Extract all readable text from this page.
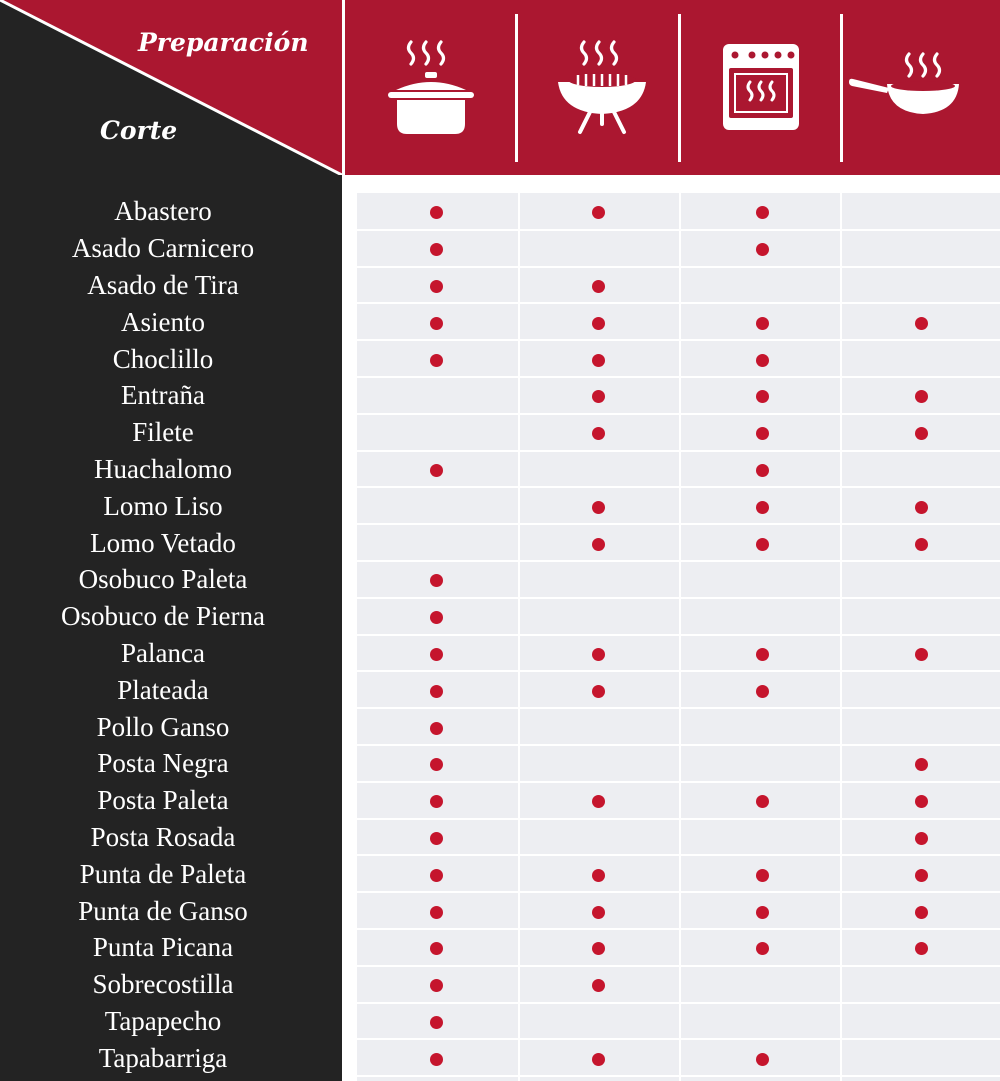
Preparación
Corte
Abastero
Asado Carnicero
Asado de Tira
Asiento
Choclillo
Entraña
Filete
Huachalomo
Lomo Liso
Lomo Vetado
Osobuco Paleta
Osobuco de Pierna
Palanca
Plateada
Pollo Ganso
Posta Negra
Posta Paleta
Posta Rosada
Punta de Paleta
Punta de Ganso
Punta Picana
Sobrecostilla
Tapapecho
Tapabarriga
